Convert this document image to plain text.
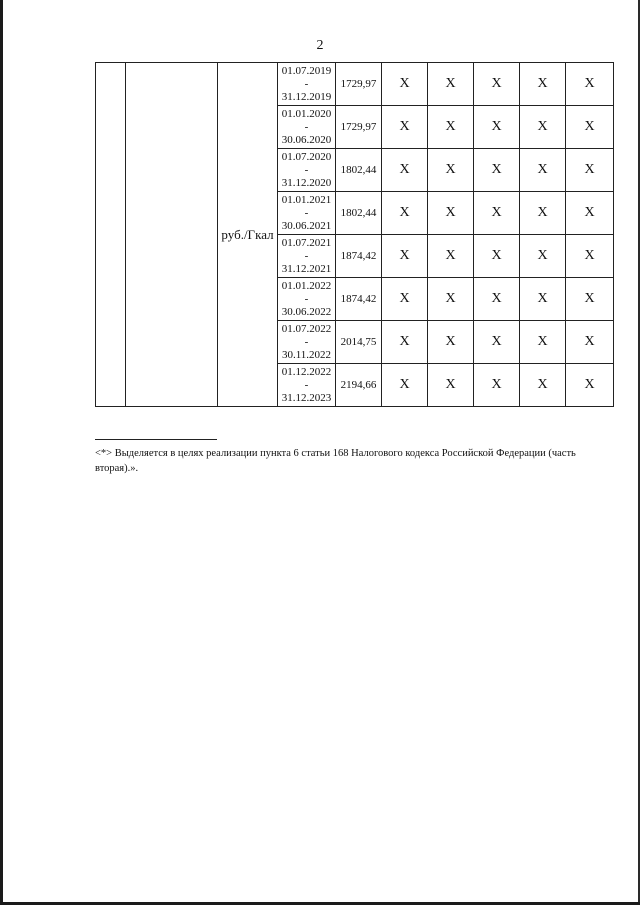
2
		руб./Гкал	01.07.2019
-
31.12.2019	1729,97	X	X	X	X	X

			01.01.2020
-
30.06.2020	1729,97	X	X	X	X	X

			01.07.2020
-
31.12.2020	1802,44	X	X	X	X	X

			01.01.2021
-
30.06.2021	1802,44	X	X	X	X	X

			01.07.2021
-
31.12.2021	1874,42	X	X	X	X	X

			01.01.2022
-
30.06.2022	1874,42	X	X	X	X	X

			01.07.2022
-
30.11.2022	2014,75	X	X	X	X	X

			01.12.2022
-
31.12.2023	2194,66	X	X	X	X	X
<*> Выделяется в целях реализации пункта 6 статьи 168 Налогового кодекса Российской Федерации (часть вторая).».
